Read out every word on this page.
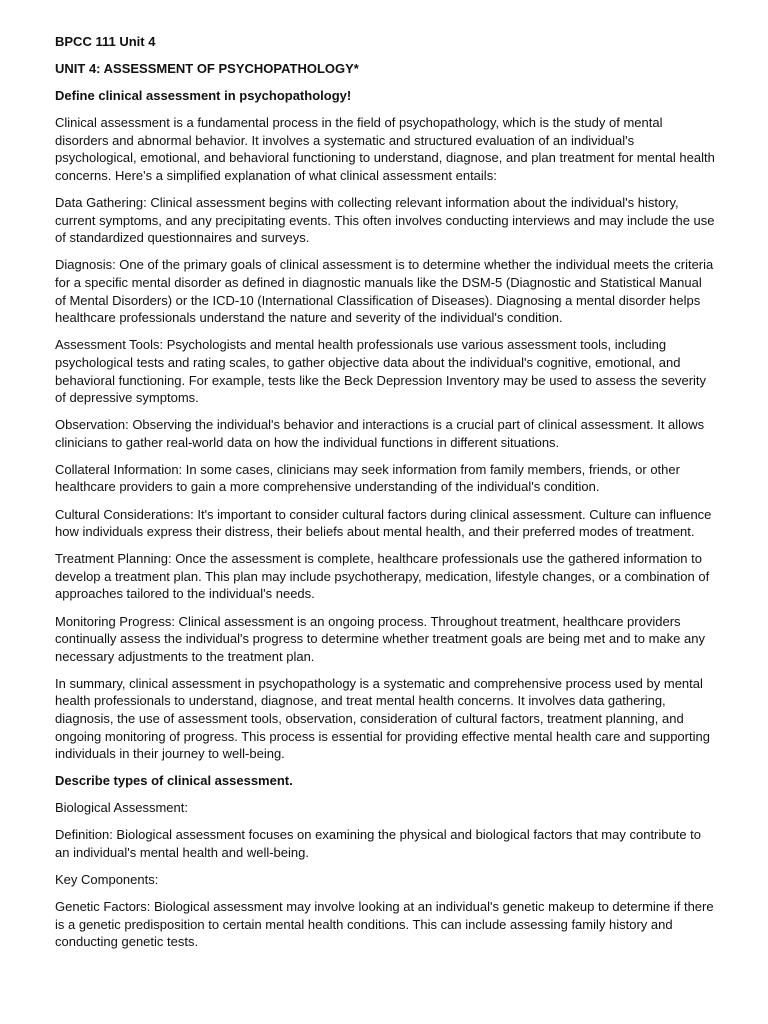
BPCC 111 Unit 4

UNIT 4: ASSESSMENT OF PSYCHOPATHOLOGY*

Define clinical assessment in psychopathology!

Clinical assessment is a fundamental process in the field of psychopathology, which is the study of mental disorders and abnormal behavior. It involves a systematic and structured evaluation of an individual's psychological, emotional, and behavioral functioning to understand, diagnose, and plan treatment for mental health concerns. Here's a simplified explanation of what clinical assessment entails:

Data Gathering: Clinical assessment begins with collecting relevant information about the individual's history, current symptoms, and any precipitating events. This often involves conducting interviews and may include the use of standardized questionnaires and surveys.

Diagnosis: One of the primary goals of clinical assessment is to determine whether the individual meets the criteria for a specific mental disorder as defined in diagnostic manuals like the DSM-5 (Diagnostic and Statistical Manual of Mental Disorders) or the ICD-10 (International Classification of Diseases). Diagnosing a mental disorder helps healthcare professionals understand the nature and severity of the individual's condition.

Assessment Tools: Psychologists and mental health professionals use various assessment tools, including psychological tests and rating scales, to gather objective data about the individual's cognitive, emotional, and behavioral functioning. For example, tests like the Beck Depression Inventory may be used to assess the severity of depressive symptoms.

Observation: Observing the individual's behavior and interactions is a crucial part of clinical assessment. It allows clinicians to gather real-world data on how the individual functions in different situations.

Collateral Information: In some cases, clinicians may seek information from family members, friends, or other healthcare providers to gain a more comprehensive understanding of the individual's condition.

Cultural Considerations: It's important to consider cultural factors during clinical assessment. Culture can influence how individuals express their distress, their beliefs about mental health, and their preferred modes of treatment.

Treatment Planning: Once the assessment is complete, healthcare professionals use the gathered information to develop a treatment plan. This plan may include psychotherapy, medication, lifestyle changes, or a combination of approaches tailored to the individual's needs.

Monitoring Progress: Clinical assessment is an ongoing process. Throughout treatment, healthcare providers continually assess the individual's progress to determine whether treatment goals are being met and to make any necessary adjustments to the treatment plan.

In summary, clinical assessment in psychopathology is a systematic and comprehensive process used by mental health professionals to understand, diagnose, and treat mental health concerns. It involves data gathering, diagnosis, the use of assessment tools, observation, consideration of cultural factors, treatment planning, and ongoing monitoring of progress. This process is essential for providing effective mental health care and supporting individuals in their journey to well-being.

Describe types of clinical assessment.

Biological Assessment:

Definition: Biological assessment focuses on examining the physical and biological factors that may contribute to an individual's mental health and well-being.

Key Components:

Genetic Factors: Biological assessment may involve looking at an individual's genetic makeup to determine if there is a genetic predisposition to certain mental health conditions. This can include assessing family history and conducting genetic tests.
